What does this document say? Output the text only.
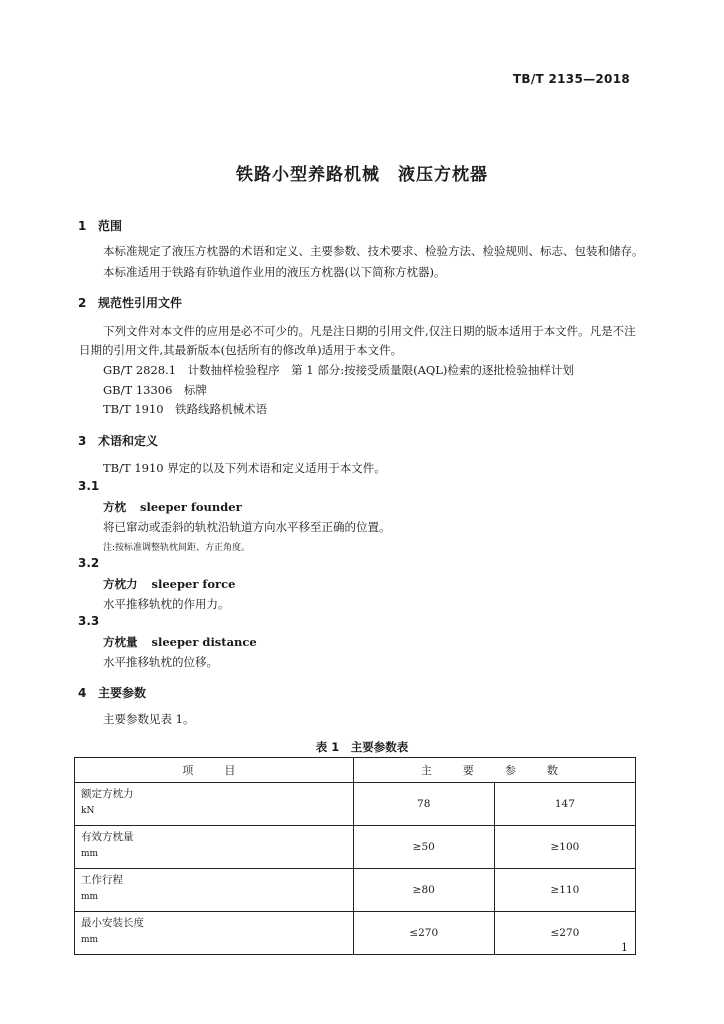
TB/T 2135—2018
铁路小型养路机械　液压方枕器
1 范围
本标准规定了液压方枕器的术语和定义、主要参数、技术要求、检验方法、检验规则、标志、包装和储存。
本标准适用于铁路有砟轨道作业用的液压方枕器(以下简称方枕器)。
2 规范性引用文件
下列文件对本文件的应用是必不可少的。凡是注日期的引用文件,仅注日期的版本适用于本文件。凡是不注日期的引用文件,其最新版本(包括所有的修改单)适用于本文件。
GB/T 2828.1　 计数抽样检验程序　第 1 部分:按接受质量限(AQL)检索的逐批检验抽样计划
GB/T 13306　 标牌
TB/T 1910　 铁路线路机械术语
3 术语和定义
TB/T 1910 界定的以及下列术语和定义适用于本文件。
3.1
方枕 sleeper founder
将已窜动或歪斜的轨枕沿轨道方向水平移至正确的位置。
注:按标准调整轨枕间距、方正角度。
3.2
方枕力 sleeper force
水平推移轨枕的作用力。
3.3
方枕量 sleeper distance
水平推移轨枕的位移。
4 主要参数
主要参数见表 1。
表 1　主要参数表
项　目	主　要　参　数	
额定方枕力
kN	78	147
有效方枕量
mm	≥50	≥100
工作行程
mm	≥80	≥110
最小安装长度
mm	≤270	≤270
1
